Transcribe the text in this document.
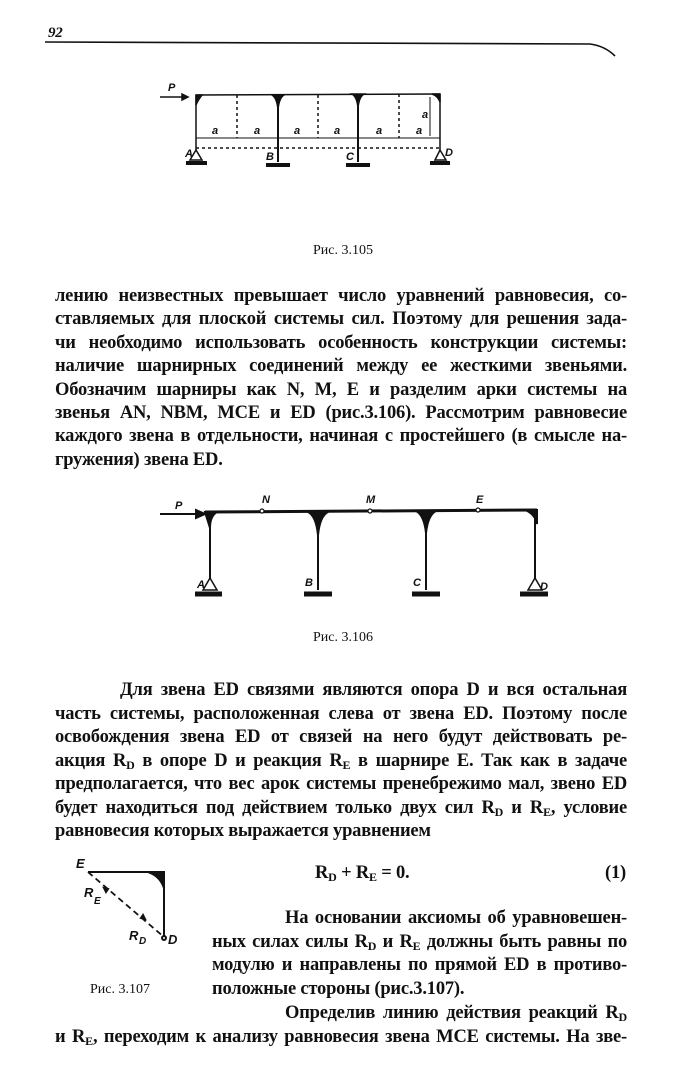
92
P
a	a	a	a	a	a
a
A	B	C	D
P	N	M	E
A	B	C	D
E
R
E
R D D
Рис. 3.105
Рис. 3.106
Рис. 3.107
лению неизвестных превышает число уравнений равновесия, со-
ставляемых для плоской системы сил. Поэтому для решения зада-
чи необходимо использовать особенность конструкции системы:
наличие шарнирных соединений между ее жесткими звеньями.
Обозначим шарниры как N, M, E и разделим арки системы на
звенья AN, NBM, MCE и ED (рис.3.106). Рассмотрим равновесие
каждого звена в отдельности, начиная с простейшего (в смысле на-
гружения) звена ED.
Для звена ED связями являются опора D и вся остальная
часть системы, расположенная слева от звена ED. Поэтому после
освобождения звена ED от связей на него будут действовать ре-
акция $R_D$ в опоре D и реакция $R_E$ в шарнире E. Так как в задаче
предполагается, что вес арок системы пренебрежимо мал, звено ED
будет находиться под действием только двух сил $R_D$ и $R_E$, условие
равновесия которых выражается уравнением
$R_D + R_E = 0$.	(1)
На основании аксиомы об уравновешен-
ных силах силы $R_D$ и $R_E$ должны быть равны по
модулю и направлены по прямой ED в противо-
положные стороны (рис.3.107).
Определив линию действия реакций $R_D$
и $R_E$, переходим к анализу равновесия звена MCE системы. На зве-
